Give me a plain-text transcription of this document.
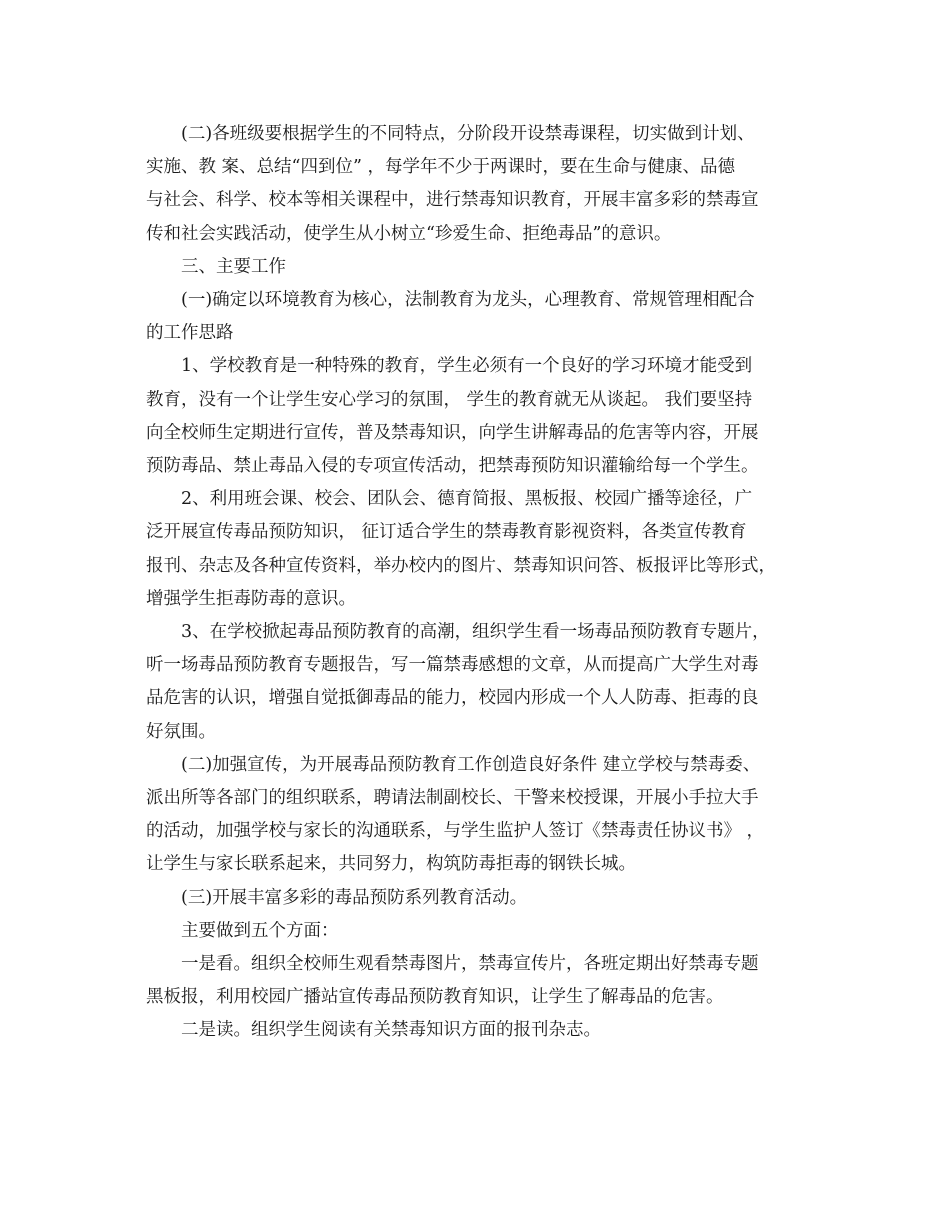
(二)各班级要根据学生的不同特点，分阶段开设禁毒课程，切实做到计划、
实施、教 案、总结“四到位” ，每学年不少于两课时，要在生命与健康、品德
与社会、科学、校本等相关课程中，进行禁毒知识教育，开展丰富多彩的禁毒宣
传和社会实践活动，使学生从小树立“珍爱生命、拒绝毒品”的意识。

三、主要工作

(一)确定以环境教育为核心，法制教育为龙头，心理教育、常规管理相配合
的工作思路

1、学校教育是一种特殊的教育，学生必须有一个良好的学习环境才能受到
教育，没有一个让学生安心学习的氛围， 学生的教育就无从谈起。 我们要坚持
向全校师生定期进行宣传，普及禁毒知识，向学生讲解毒品的危害等内容，开展
预防毒品、禁止毒品入侵的专项宣传活动，把禁毒预防知识灌输给每一个学生。

2、利用班会课、校会、团队会、德育简报、黑板报、校园广播等途径，广
泛开展宣传毒品预防知识， 征订适合学生的禁毒教育影视资料，各类宣传教育
报刊、杂志及各种宣传资料，举办校内的图片、禁毒知识问答、板报评比等形式，
增强学生拒毒防毒的意识。

3、在学校掀起毒品预防教育的高潮，组织学生看一场毒品预防教育专题片，
听一场毒品预防教育专题报告，写一篇禁毒感想的文章，从而提高广大学生对毒
品危害的认识，增强自觉抵御毒品的能力，校园内形成一个人人防毒、拒毒的良
好氛围。

(二)加强宣传，为开展毒品预防教育工作创造良好条件 建立学校与禁毒委、
派出所等各部门的组织联系，聘请法制副校长、干警来校授课，开展小手拉大手
的活动，加强学校与家长的沟通联系，与学生监护人签订《禁毒责任协议书》 ，
让学生与家长联系起来，共同努力，构筑防毒拒毒的钢铁长城。

(三)开展丰富多彩的毒品预防系列教育活动。

主要做到五个方面：

一是看。组织全校师生观看禁毒图片，禁毒宣传片，各班定期出好禁毒专题
黑板报，利用校园广播站宣传毒品预防教育知识，让学生了解毒品的危害。

二是读。组织学生阅读有关禁毒知识方面的报刊杂志。
